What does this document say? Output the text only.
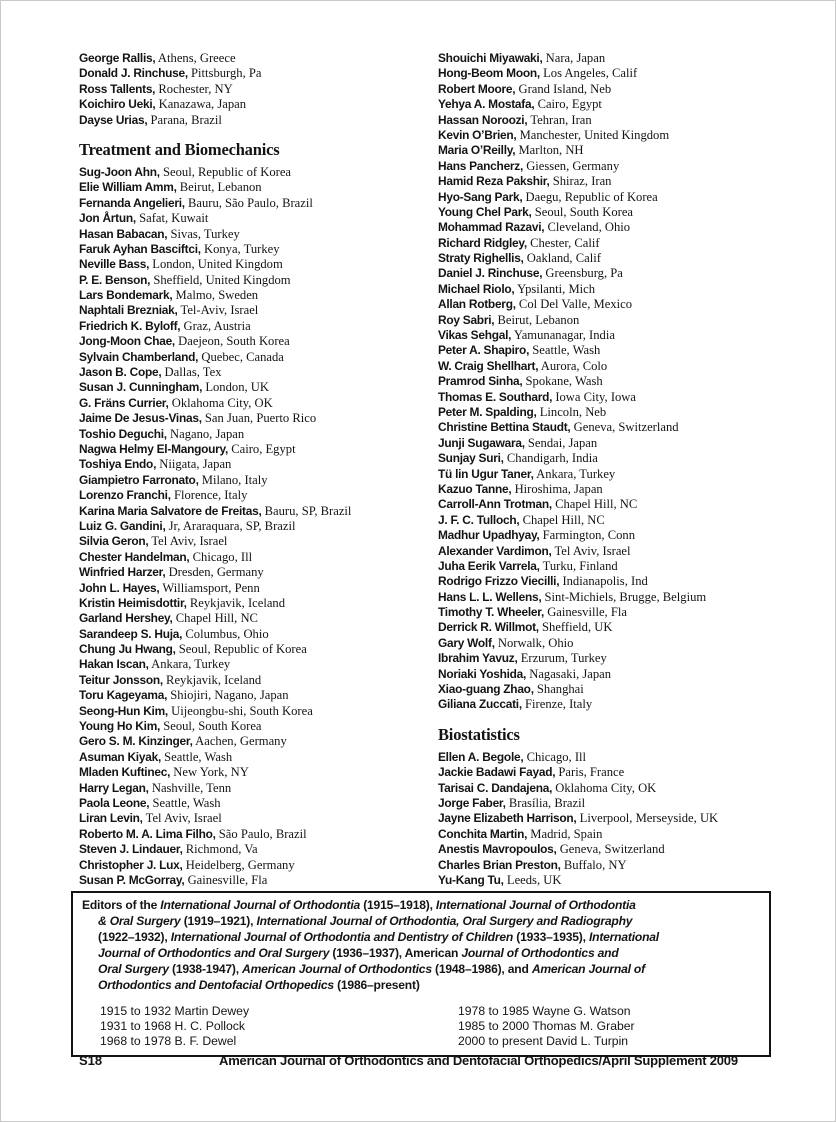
George Rallis, Athens, Greece
Donald J. Rinchuse, Pittsburgh, Pa
Ross Tallents, Rochester, NY
Koichiro Ueki, Kanazawa, Japan
Dayse Urias, Parana, Brazil
Treatment and Biomechanics
Sug-Joon Ahn, Seoul, Republic of Korea
Elie William Amm, Beirut, Lebanon
Fernanda Angelieri, Bauru, São Paulo, Brazil
Jon Årtun, Safat, Kuwait
Hasan Babacan, Sivas, Turkey
Faruk Ayhan Basciftci, Konya, Turkey
Neville Bass, London, United Kingdom
P. E. Benson, Sheffield, United Kingdom
Lars Bondemark, Malmo, Sweden
Naphtali Brezniak, Tel-Aviv, Israel
Friedrich K. Byloff, Graz, Austria
Jong-Moon Chae, Daejeon, South Korea
Sylvain Chamberland, Quebec, Canada
Jason B. Cope, Dallas, Tex
Susan J. Cunningham, London, UK
G. Fräns Currier, Oklahoma City, OK
Jaime De Jesus-Vinas, San Juan, Puerto Rico
Toshio Deguchi, Nagano, Japan
Nagwa Helmy El-Mangoury, Cairo, Egypt
Toshiya Endo, Niigata, Japan
Giampietro Farronato, Milano, Italy
Lorenzo Franchi, Florence, Italy
Karina Maria Salvatore de Freitas, Bauru, SP, Brazil
Luiz G. Gandini, Jr, Araraquara, SP, Brazil
Silvia Geron, Tel Aviv, Israel
Chester Handelman, Chicago, Ill
Winfried Harzer, Dresden, Germany
John L. Hayes, Williamsport, Penn
Kristin Heimisdottir, Reykjavik, Iceland
Garland Hershey, Chapel Hill, NC
Sarandeep S. Huja, Columbus, Ohio
Chung Ju Hwang, Seoul, Republic of Korea
Hakan Iscan, Ankara, Turkey
Teitur Jonsson, Reykjavik, Iceland
Toru Kageyama, Shiojiri, Nagano, Japan
Seong-Hun Kim, Uijeongbu-shi, South Korea
Young Ho Kim, Seoul, South Korea
Gero S. M. Kinzinger, Aachen, Germany
Asuman Kiyak, Seattle, Wash
Mladen Kuftinec, New York, NY
Harry Legan, Nashville, Tenn
Paola Leone, Seattle, Wash
Liran Levin, Tel Aviv, Israel
Roberto M. A. Lima Filho, São Paulo, Brazil
Steven J. Lindauer, Richmond, Va
Christopher J. Lux, Heidelberg, Germany
Susan P. McGorray, Gainesville, Fla
Shouichi Miyawaki, Nara, Japan
Hong-Beom Moon, Los Angeles, Calif
Robert Moore, Grand Island, Neb
Yehya A. Mostafa, Cairo, Egypt
Hassan Noroozi, Tehran, Iran
Kevin O’Brien, Manchester, United Kingdom
Maria O’Reilly, Marlton, NH
Hans Pancherz, Giessen, Germany
Hamid Reza Pakshir, Shiraz, Iran
Hyo-Sang Park, Daegu, Republic of Korea
Young Chel Park, Seoul, South Korea
Mohammad Razavi, Cleveland, Ohio
Richard Ridgley, Chester, Calif
Straty Righellis, Oakland, Calif
Daniel J. Rinchuse, Greensburg, Pa
Michael Riolo, Ypsilanti, Mich
Allan Rotberg, Col Del Valle, Mexico
Roy Sabri, Beirut, Lebanon
Vikas Sehgal, Yamunanagar, India
Peter A. Shapiro, Seattle, Wash
W. Craig Shellhart, Aurora, Colo
Pramrod Sinha, Spokane, Wash
Thomas E. Southard, Iowa City, Iowa
Peter M. Spalding, Lincoln, Neb
Christine Bettina Staudt, Geneva, Switzerland
Junji Sugawara, Sendai, Japan
Sunjay Suri, Chandigarh, India
Tü lin Ugur Taner, Ankara, Turkey
Kazuo Tanne, Hiroshima, Japan
Carroll-Ann Trotman, Chapel Hill, NC
J. F. C. Tulloch, Chapel Hill, NC
Madhur Upadhyay, Farmington, Conn
Alexander Vardimon, Tel Aviv, Israel
Juha Eerik Varrela, Turku, Finland
Rodrigo Frizzo Viecilli, Indianapolis, Ind
Hans L. L. Wellens, Sint-Michiels, Brugge, Belgium
Timothy T. Wheeler, Gainesville, Fla
Derrick R. Willmot, Sheffield, UK
Gary Wolf, Norwalk, Ohio
Ibrahim Yavuz, Erzurum, Turkey
Noriaki Yoshida, Nagasaki, Japan
Xiao-guang Zhao, Shanghai
Giliana Zuccati, Firenze, Italy
Biostatistics
Ellen A. Begole, Chicago, Ill
Jackie Badawi Fayad, Paris, France
Tarisai C. Dandajena, Oklahoma City, OK
Jorge Faber, Brasília, Brazil
Jayne Elizabeth Harrison, Liverpool, Merseyside, UK
Conchita Martin, Madrid, Spain
Anestis Mavropoulos, Geneva, Switzerland
Charles Brian Preston, Buffalo, NY
Yu-Kang Tu, Leeds, UK

Editors of the International Journal of Orthodontia (1915–1918), International Journal of Orthodontia
& Oral Surgery (1919–1921), International Journal of Orthodontia, Oral Surgery and Radiography
(1922–1932), International Journal of Orthodontia and Dentistry of Children (1933–1935), International
Journal of Orthodontics and Oral Surgery (1936–1937), American Journal of Orthodontics and
Oral Surgery (1938-1947), American Journal of Orthodontics (1948–1986), and American Journal of
Orthodontics and Dentofacial Orthopedics (1986–present)

1915 to 1932 Martin Dewey
1931 to 1968 H. C. Pollock
1968 to 1978 B. F. Dewel
1978 to 1985 Wayne G. Watson
1985 to 2000 Thomas M. Graber
2000 to present David L. Turpin
S18	American Journal of Orthodontics and Dentofacial Orthopedics/April Supplement 2009
